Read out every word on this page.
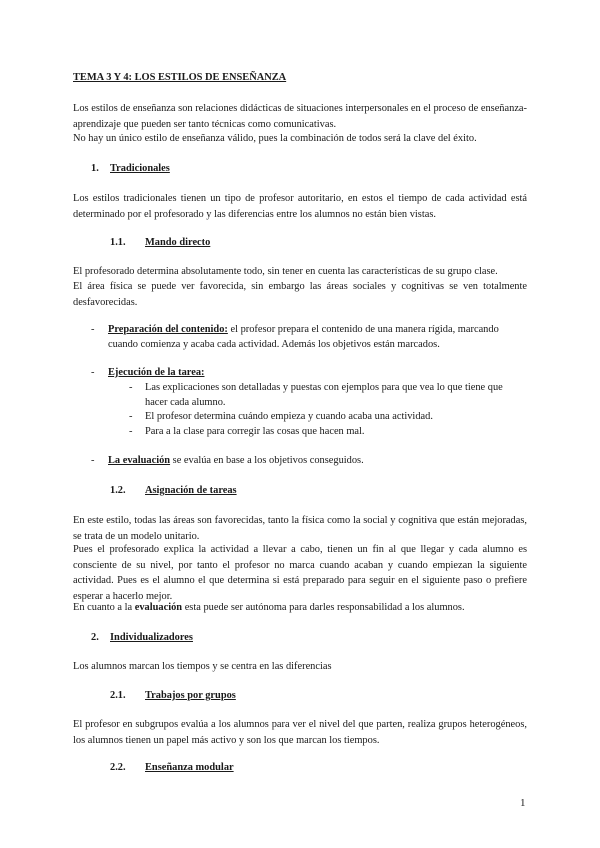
TEMA 3 Y 4: LOS ESTILOS DE ENSEÑANZA
Los estilos de enseñanza son relaciones didácticas de situaciones interpersonales en el proceso de enseñanza-aprendizaje que pueden ser tanto técnicas como comunicativas.
No hay un único estilo de enseñanza válido, pues la combinación de todos será la clave del éxito.
1. Tradicionales
Los estilos tradicionales tienen un tipo de profesor autoritario, en estos el tiempo de cada actividad está determinado por el profesorado y las diferencias entre los alumnos no están bien vistas.
1.1. Mando directo
El profesorado determina absolutamente todo, sin tener en cuenta las características de su grupo clase.
El área física se puede ver favorecida, sin embargo las áreas sociales y cognitivas se ven totalmente desfavorecidas.
- Preparación del contenido: el profesor prepara el contenido de una manera rígida, marcando cuando comienza y acaba cada actividad. Además los objetivos están marcados.
- Ejecución de la tarea:
- Las explicaciones son detalladas y puestas con ejemplos para que vea lo que tiene que hacer cada alumno.
- El profesor determina cuándo empieza y cuando acaba una actividad.
- Para a la clase para corregir las cosas que hacen mal.
- La evaluación se evalúa en base a los objetivos conseguidos.
1.2. Asignación de tareas
En este estilo, todas las áreas son favorecidas, tanto la física como la social y cognitiva que están mejoradas, se trata de un modelo unitario.
Pues el profesorado explica la actividad a llevar a cabo, tienen un fin al que llegar y cada alumno es consciente de su nivel, por tanto el profesor no marca cuando acaban y cuando empiezan la siguiente actividad. Pues es el alumno el que determina si está preparado para seguir en el siguiente paso o prefiere esperar a hacerlo mejor.
En cuanto a la evaluación esta puede ser autónoma para darles responsabilidad a los alumnos.
2. Individualizadores
Los alumnos marcan los tiempos y se centra en las diferencias
2.1. Trabajos por grupos
El profesor en subgrupos evalúa a los alumnos para ver el nivel del que parten, realiza grupos heterogéneos, los alumnos tienen un papel más activo y son los que marcan los tiempos.
2.2. Enseñanza modular
1
